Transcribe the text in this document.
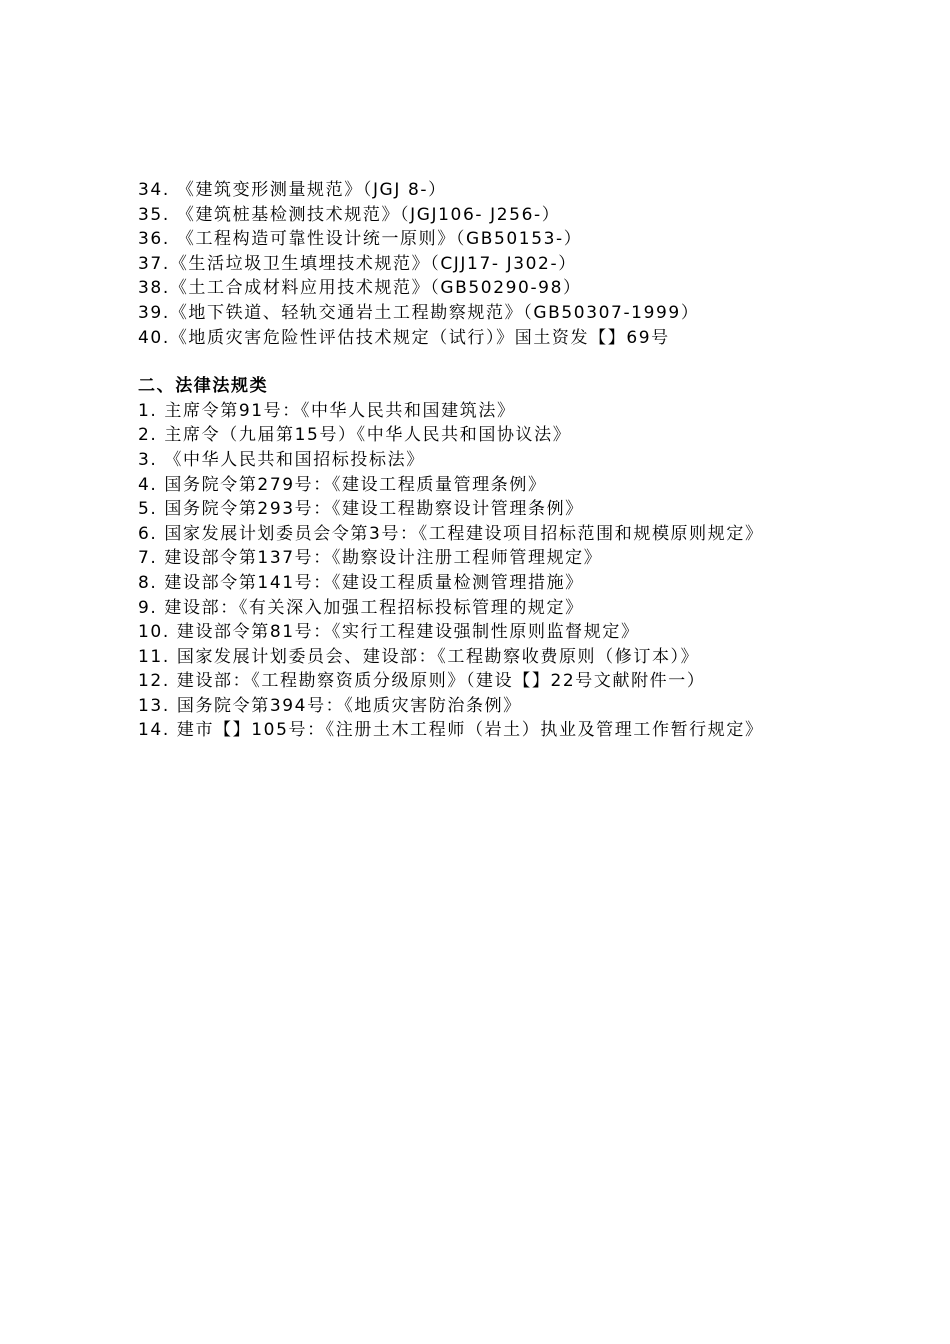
34. 《建筑变形测量规范》（JGJ 8-）
35. 《建筑桩基检测技术规范》（JGJ106- J256-）
36. 《工程构造可靠性设计统一原则》（GB50153-）
37.《生活垃圾卫生填埋技术规范》（CJJ17- J302-）
38.《土工合成材料应用技术规范》（GB50290-98）
39.《地下铁道、轻轨交通岩土工程勘察规范》（GB50307-1999）
40.《地质灾害危险性评估技术规定（试行）》国土资发【】69号
二、法律法规类
1. 主席令第91号：《中华人民共和国建筑法》
2. 主席令（九届第15号）《中华人民共和国协议法》
3. 《中华人民共和国招标投标法》
4. 国务院令第279号：《建设工程质量管理条例》
5. 国务院令第293号：《建设工程勘察设计管理条例》
6. 国家发展计划委员会令第3号：《工程建设项目招标范围和规模原则规定》
7. 建设部令第137号：《勘察设计注册工程师管理规定》
8. 建设部令第141号：《建设工程质量检测管理措施》
9. 建设部：《有关深入加强工程招标投标管理的规定》
10. 建设部令第81号：《实行工程建设强制性原则监督规定》
11. 国家发展计划委员会、建设部：《工程勘察收费原则（修订本）》
12. 建设部：《工程勘察资质分级原则》（建设【】22号文献附件一）
13. 国务院令第394号：《地质灾害防治条例》
14. 建市【】105号：《注册土木工程师（岩土）执业及管理工作暂行规定》
